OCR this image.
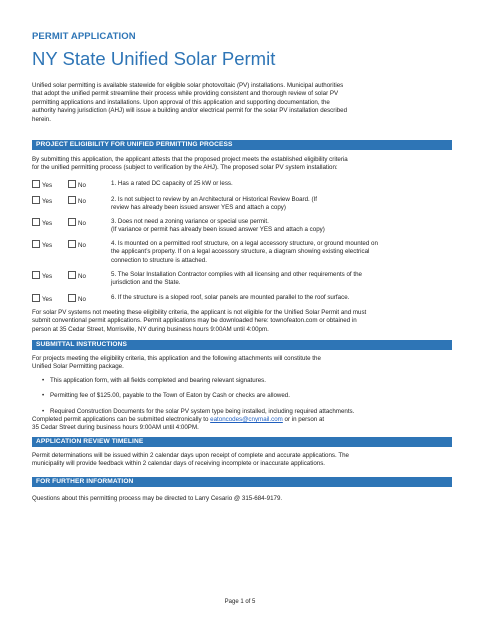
PERMIT APPLICATION
NY State Unified Solar Permit
Unified solar permitting is available statewide for eligible solar photovoltaic (PV) installations. Municipal authorities
that adopt the unified permit streamline their process while providing consistent and thorough review of solar PV
permitting applications and installations. Upon approval of this application and supporting documentation, the
authority having jurisdiction (AHJ) will issue a building and/or electrical permit for the solar PV installation described
herein.
PROJECT ELIGIBILITY FOR UNIFIED PERMITTING PROCESS
By submitting this application, the applicant attests that the proposed project meets the established eligibility criteria
for the unified permitting process (subject to verification by the AHJ). The proposed solar PV system installation:
Yes	No	1. Has a rated DC capacity of 25 kW or less.
Yes	No	2. Is not subject to review by an Architectural or Historical Review Board. (If
review has already been issued answer YES and attach a copy)
Yes	No	3. Does not need a zoning variance or special use permit.
(If variance or permit has already been issued answer YES and attach a copy)
Yes	No	4. Is mounted on a permitted roof structure, on a legal accessory structure, or ground mounted on
the applicant’s property. If on a legal accessory structure, a diagram showing existing electrical
connection to structure is attached.
Yes	No	5. The Solar Installation Contractor complies with all licensing and other requirements of the
jurisdiction and the State.
Yes	No	6. If the structure is a sloped roof, solar panels are mounted parallel to the roof surface.
For solar PV systems not meeting these eligibility criteria, the applicant is not eligible for the Unified Solar Permit and must
submit conventional permit applications. Permit applications may be downloaded here: townofeaton.com or obtained in
person at 35 Cedar Street, Morrisville, NY during business hours 9:00AM until 4:00pm.
SUBMITTAL INSTRUCTIONS
For projects meeting the eligibility criteria, this application and the following attachments will constitute the
Unified Solar Permitting package.
• This application form, with all fields completed and bearing relevant signatures.
• Permitting fee of $125.00, payable to the Town of Eaton by Cash or checks are allowed.
• Required Construction Documents for the solar PV system type being installed, including required attachments.
Completed permit applications can be submitted electronically to eatoncodes@cnymail.com or in person at
35 Cedar Street during business hours 9:00AM until 4:00PM.
APPLICATION REVIEW TIMELINE
Permit determinations will be issued within 2 calendar days upon receipt of complete and accurate applications. The
municipality will provide feedback within 2 calendar days of receiving incomplete or inaccurate applications.
FOR FURTHER INFORMATION
Questions about this permitting process may be directed to Larry Cesario @ 315-684-9179.
Page 1 of 5
